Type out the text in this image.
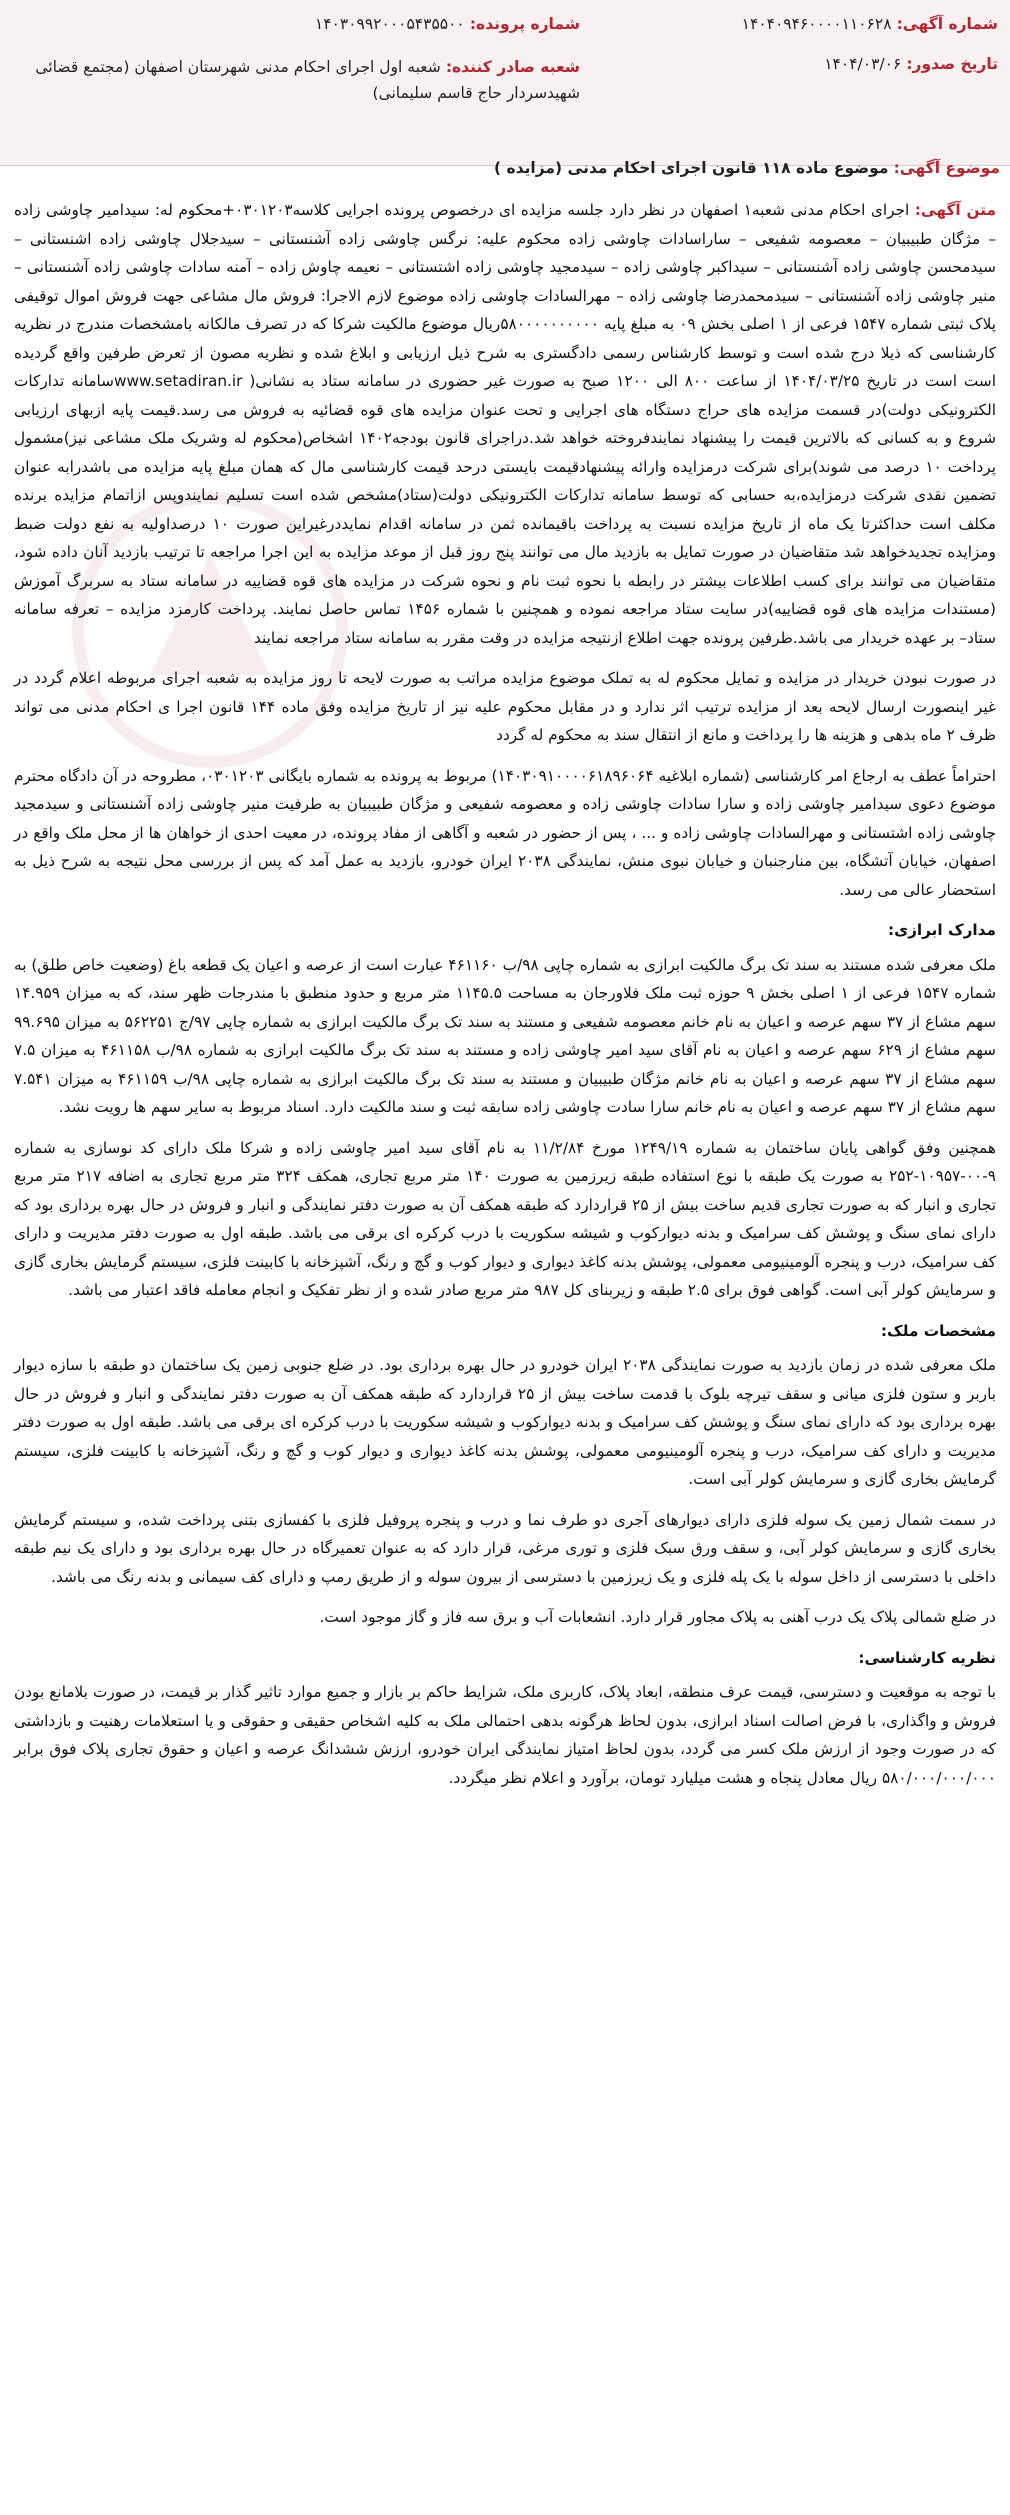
شماره آگهی: ۱۴۰۴۰۹۴۶۰۰۰۰۱۱۰۶۲۸
تاریخ صدور: ۱۴۰۴/۰۳/۰۶
شماره پرونده: ۱۴۰۳۰۹۹۲۰۰۰۵۴۳۵۵۰۰
شعبه صادر کننده: شعبه اول اجرای احکام مدنی شهرستان اصفهان (مجتمع قضائی شهیدسردار حاج قاسم سلیمانی)
موضوع آگهی: موضوع ماده ۱۱۸ قانون اجرای احکام مدنی (مزایده )

متن آگهی: اجرای احکام مدنی شعبه۱ اصفهان در نظر دارد جلسه مزایده ای درخصوص پرونده اجرایی کلاسه۰۳۰۱۲۰۳+محکوم له: سیدامیر چاوشی زاده – مژگان طبیبیان – معصومه شفیعی – ساراسادات چاوشی زاده محکوم علیه: نرگس چاوشی زاده آشنستانی – سیدجلال چاوشی زاده اشنستانی – سیدمحسن چاوشی زاده آشنستانی – سیداکبر چاوشی زاده – سیدمجید چاوشی زاده اشتستانی – نعیمه چاوش زاده – آمنه سادات چاوشی زاده آشنستانی – منیر چاوشی زاده آشنستانی – سیدمحمدرضا چاوشی زاده – مهرالسادات چاوشی زاده موضوع لازم الاجرا: فروش مال مشاعی جهت فروش اموال توقیفی پلاک ثبتی شماره ۱۵۴۷ فرعی از ۱ اصلی بخش ۰۹ به مبلغ پایه ۵۸۰۰۰۰۰۰۰۰۰۰ریال موضوع مالکیت شرکا که در تصرف مالکانه بامشخصات مندرج در نظریه کارشناسی که ذیلا درج شده است و توسط کارشناس رسمی دادگستری به شرح ذیل ارزیابی و ابلاغ شده و نظریه مصون از تعرض طرفین واقع گردیده است است در تاریخ ۱۴۰۴/۰۳/۲۵ از ساعت ۸۰۰ الی ۱۲۰۰ صبح به صورت غیر حضوری در سامانه ستاد به نشانی( www.setadiran.irسامانه تدارکات الکترونیکی دولت)در قسمت مزایده های حراج دستگاه های اجرایی و تحت عنوان مزایده های قوه قضائیه به فروش می رسد.قیمت پایه ازبهای ارزیابی شروع و به کسانی که بالاترین قیمت را پیشنهاد نمایندفروخته خواهد شد.دراجرای قانون بودجه۱۴۰۲ اشخاص(محکوم له وشریک ملک مشاعی نیز)مشمول پرداخت ۱۰ درصد می شوند)برای شرکت درمزایده وارائه پیشنهادقیمت بایستی درحد قیمت کارشناسی مال که همان مبلغ پایه مزایده می باشدرابه عنوان تضمین نقدی شرکت درمزایده،به حسابی که توسط سامانه تدارکات الکترونیکی دولت(ستاد)مشخص شده است تسلیم نمایندوپس ازاتمام مزایده برنده مکلف است حداکثرتا یک ماه از تاریخ مزایده نسبت به پرداخت باقیمانده ثمن در سامانه اقدام نمایددرغیراین صورت ۱۰ درصداولیه به نفع دولت ضبط ومزایده تجدیدخواهد شد متقاضیان در صورت تمایل به بازدید مال می توانند پنج روز قبل از موعد مزایده به این اجرا مراجعه تا ترتیب بازدید آنان داده شود، متقاضیان می توانند برای کسب اطلاعات بیشتر در رابطه با نحوه ثبت نام و نحوه شرکت در مزایده های قوه قضاییه در سامانه ستاد به سربرگ آموزش (مستندات مزایده های قوه قضاییه)در سایت ستاد مراجعه نموده و همچنین با شماره ۱۴۵۶ تماس حاصل نمایند. پرداخت کارمزد مزایده – تعرفه سامانه ستاد– بر عهده خریدار می باشد.طرفین پرونده جهت اطلاع ازنتیجه مزایده در وقت مقرر به سامانه ستاد مراجعه نمایند

در صورت نبودن خریدار در مزایده و تمایل محکوم له به تملک موضوع مزایده مراتب به صورت لایحه تا روز مزایده به شعبه اجرای مربوطه اعلام گردد در غیر اینصورت ارسال لایحه بعد از مزایده ترتیب اثر ندارد و در مقابل محکوم علیه نیز از تاریخ مزایده وفق ماده ۱۴۴ قانون اجرا ی احکام مدنی می تواند ظرف ۲ ماه بدهی و هزینه ها را پرداخت و مانع از انتقال سند به محکوم له گردد

احتراماً عطف به ارجاع امر کارشناسی (شماره ابلاغیه ۱۴۰۳۰۹۱۰۰۰۰۶۱۸۹۶۰۶۴) مربوط به پرونده به شماره بایگانی ۰۳۰۱۲۰۳، مطروحه در آن دادگاه محترم موضوع دعوی سیدامیر چاوشی زاده و سارا سادات چاوشی زاده و معصومه شفیعی و مژگان طبیبیان به طرفیت منیر چاوشی زاده آشنستانی و سیدمجید چاوشی زاده اشتستانی و مهرالسادات چاوشی زاده و ... ، پس از حضور در شعبه و آگاهی از مفاد پرونده، در معیت احدی از خواهان ها از محل ملک واقع در اصفهان، خیابان آتشگاه، بین منارجنبان و خیابان نبوی منش، نمایندگی ۲۰۳۸ ایران خودرو، بازدید به عمل آمد که پس از بررسی محل نتیجه به شرح ذیل به استحضار عالی می رسد.

مدارک ابرازی:

ملک معرفی شده مستند به سند تک برگ مالکیت ابرازی به شماره چاپی ۹۸/ب ۴۶۱۱۶۰ عبارت است از عرصه و اعیان یک قطعه باغ (وضعیت خاص طلق) به شماره ۱۵۴۷ فرعی از ۱ اصلی بخش ۹ حوزه ثبت ملک فلاورجان به مساحت ۱۱۴۵.۵ متر مربع و حدود منطبق با مندرجات ظهر سند، که به میزان ۱۴.۹۵۹ سهم مشاع از ۳۷ سهم عرصه و اعیان به نام خانم معصومه شفیعی و مستند به سند تک برگ مالکیت ابرازی به شماره چاپی ۹۷/ج ۵۶۲۲۵۱ به میزان ۹۹.۶۹۵ سهم مشاع از ۶۲۹ سهم عرصه و اعیان به نام آقای سید امیر چاوشی زاده و مستند به سند تک برگ مالکیت ابرازی به شماره ۹۸/ب ۴۶۱۱۵۸ به میزان ۷.۵ سهم مشاع از ۳۷ سهم عرصه و اعیان به نام خانم مژگان طبیبیان و مستند به سند تک برگ مالکیت ابرازی به شماره چاپی ۹۸/ب ۴۶۱۱۵۹ به میزان ۷.۵۴۱ سهم مشاع از ۳۷ سهم عرصه و اعیان به نام خانم سارا سادت چاوشی زاده سابقه ثبت و سند مالکیت دارد. اسناد مربوط به سایر سهم ها رویت نشد.

همچنین وفق گواهی پایان ساختمان به شماره ۱۲۴۹/۱۹ مورخ ۱۱/۲/۸۴ به نام آقای سید امیر چاوشی زاده و شرکا ملک دارای کد نوسازی به شماره ۹-۰۰-۱۰۹۵۷-۲۵۲ به صورت یک طبقه با نوع استفاده طبقه زیرزمین به صورت ۱۴۰ متر مربع تجاری، همکف ۳۲۴ متر مربع تجاری به اضافه ۲۱۷ متر مربع تجاری و انبار که به صورت تجاری قدیم ساخت بیش از ۲۵ قراردارد که طبقه همکف آن به صورت دفتر نمایندگی و انبار و فروش در حال بهره برداری بود که دارای نمای سنگ و پوشش کف سرامیک و بدنه دیوارکوب و شیشه سکوریت با درب کرکره ای برقی می باشد. طبقه اول به صورت دفتر مدیریت و دارای کف سرامیک، درب و پنجره آلومینیومی معمولی، پوشش بدنه کاغذ دیواری و دیوار کوب و گچ و رنگ، آشپزخانه با کابینت فلزی، سیستم گرمایش بخاری گازی و سرمایش کولر آبی است. گواهی فوق برای ۲.۵ طبقه و زیربنای کل ۹۸۷ متر مربع صادر شده و از نظر تفکیک و انجام معامله فاقد اعتبار می باشد.

مشخصات ملک:

ملک معرفی شده در زمان بازدید به صورت نمایندگی ۲۰۳۸ ایران خودرو در حال بهره برداری بود. در ضلع جنوبی زمین یک ساختمان دو طبقه با سازه دیوار باربر و ستون فلزی میانی و سقف تیرچه بلوک با قدمت ساخت بیش از ۲۵ قراردارد که طبقه همکف آن به صورت دفتر نمایندگی و انبار و فروش در حال بهره برداری بود که دارای نمای سنگ و پوشش کف سرامیک و بدنه دیوارکوب و شیشه سکوریت با درب کرکره ای برقی می باشد. طبقه اول به صورت دفتر مدیریت و دارای کف سرامیک، درب و پنجره آلومینیومی معمولی، پوشش بدنه کاغذ دیواری و دیوار کوب و گچ و رنگ، آشپزخانه با کابینت فلزی، سیستم گرمایش بخاری گازی و سرمایش کولر آبی است.

در سمت شمال زمین یک سوله فلزی دارای دیوارهای آجری دو طرف نما و درب و پنجره پروفیل فلزی با کفسازی بتنی پرداخت شده، و سیستم گرمایش بخاری گازی و سرمایش کولر آبی، و سقف ورق سبک فلزی و توری مرغی، قرار دارد که به عنوان تعمیرگاه در حال بهره برداری بود و دارای یک نیم طبقه داخلی با دسترسی از داخل سوله با یک پله فلزی و یک زیرزمین با دسترسی از بیرون سوله و از طریق رمپ و دارای کف سیمانی و بدنه رنگ می باشد.

در ضلع شمالی پلاک یک درب آهنی به پلاک مجاور قرار دارد. انشعابات آب و برق سه فاز و گاز موجود است.

نظریه کارشناسی:

با توجه به موقعیت و دسترسی، قیمت عرف منطقه، ابعاد پلاک، کاربری ملک، شرایط حاکم بر بازار و جمیع موارد تاثیر گذار بر قیمت، در صورت بلامانع بودن فروش و واگذاری، با فرض اصالت اسناد ابرازی، بدون لحاظ هرگونه بدهی احتمالی ملک به کلیه اشخاص حقیقی و حقوقی و یا استعلامات رهنیت و بازداشتی که در صورت وجود از ارزش ملک کسر می گردد، بدون لحاظ امتیاز نمایندگی ایران خودرو، ارزش ششدانگ عرصه و اعیان و حقوق تجاری پلاک فوق برابر ۵۸۰/۰۰۰/۰۰۰/۰۰۰ ریال معادل پنجاه و هشت میلیارد تومان، برآورد و اعلام نظر میگردد.
